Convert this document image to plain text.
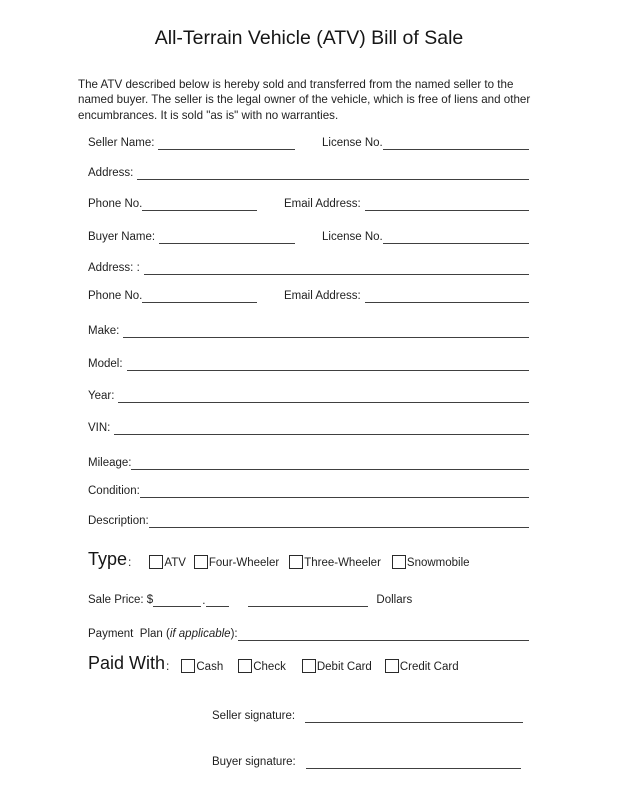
All-Terrain Vehicle (ATV) Bill of Sale
The ATV described below is hereby sold and transferred from the named seller to the
named buyer. The seller is the legal owner of the vehicle, which is free of liens and other
encumbrances. It is sold "as is" with no warranties.
Seller Name:	License No.
Address:
Phone No.	Email Address:
Buyer Name:	License No.
Address: :
Phone No.	Email Address:
Make:
Model:
Year:
VIN:
Mileage:
Condition:
Description:
Type :	ATV Four-Wheeler Three-Wheeler Snowmobile
Sale Price: $	.	Dollars
Payment  Plan ( if applicable ):
Paid With : Cash	Check	Debit Card Credit Card
Seller signature:
Buyer signature:
